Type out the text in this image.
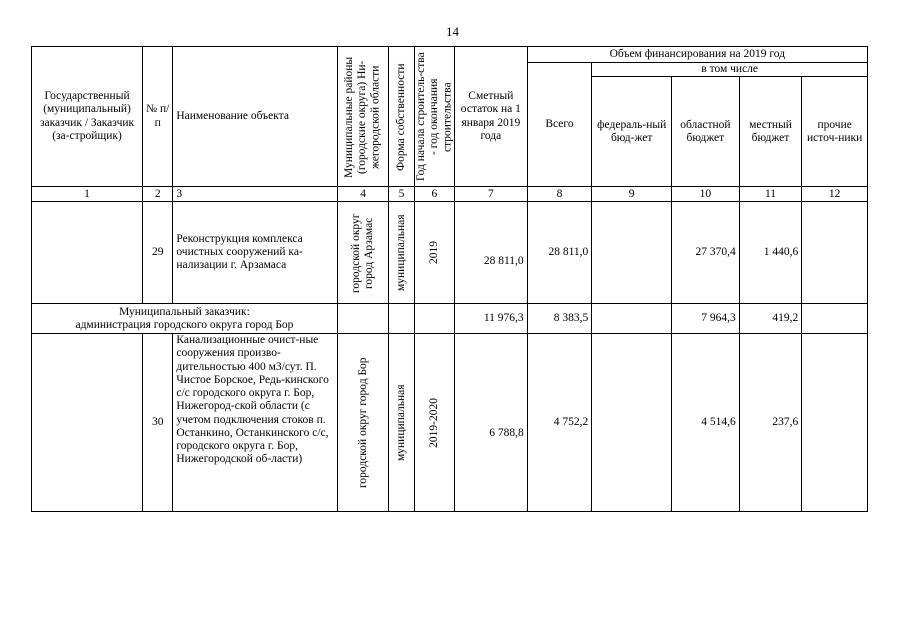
14
Государственный (муниципальный) заказчик / Заказчик (за-стройщик)	№ п/п	Наименование объекта	Муниципальные районы (городские округа) Ни-жегородской области	Форма собственности	Год начала строитель-ства - год окончания строительства	Сметный остаток на 1 января 2019 года	Объем финансирования на 2019 год				
							Всего	в том числе			
								федераль-ный бюд-жет	областной бюджет	местный бюджет	прочие источ-ники
1	2	3	4	5	6	7	8	9	10	11	12
	29	Реконструкция комплекса очистных сооружений ка-нализации г. Арзамаса	городской округ город Арзамас	муниципальная	2019	28 811,0	28 811,0		27 370,4	1 440,6	

Муниципальный заказчик:
администрация городского округа город Бор						11 976,3	8 383,5		7 964,3	419,2	
	30	Канализационные очист-ные сооружения произво-дительностью 400 м3/сут. П. Чистое Борское, Редь-кинского с/с городского округа г. Бор, Нижегород-ской области (с учетом подключения стоков п. Останкино, Останкинского с/с, городского округа г. Бор, Нижегородской об-ласти)	городской округ город Бор	муниципальная	2019-2020	6 788,8	4 752,2		4 514,6	237,6	
